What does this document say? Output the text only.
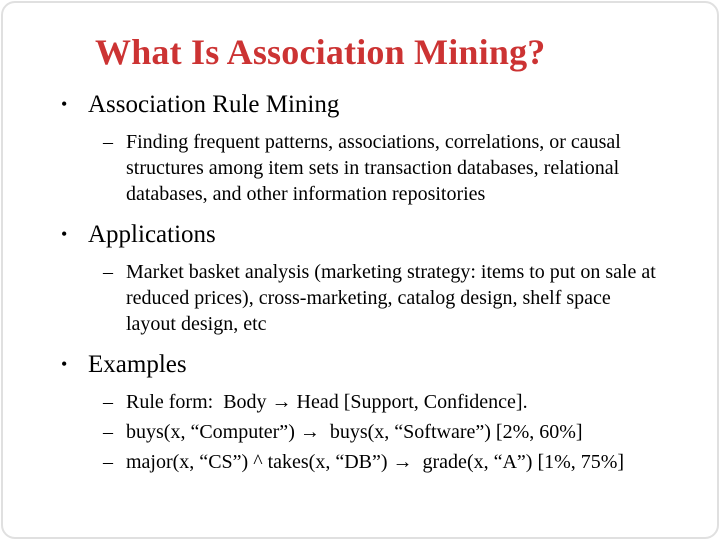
What Is Association Mining?
• Association Rule Mining
– Finding frequent patterns, associations, correlations, or causal structures among item sets in transaction databases, relational databases, and other information repositories
• Applications
– Market basket analysis (marketing strategy: items to put on sale at reduced prices), cross-marketing, catalog design, shelf space layout design, etc
• Examples
– Rule form:  Body → Head [Support, Confidence].
– buys(x, “Computer”) →  buys(x, “Software”) [2%, 60%]
– major(x, “CS”) ^ takes(x, “DB”) →  grade(x, “A”) [1%, 75%]
